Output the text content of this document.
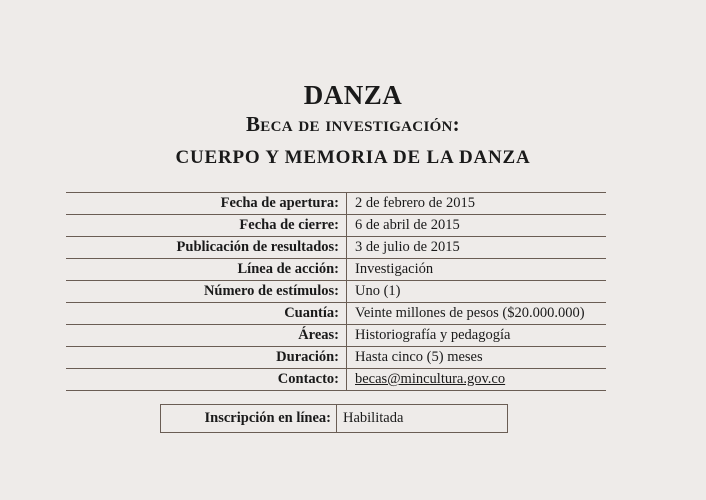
DANZA
Beca de investigación:
CUERPO Y MEMORIA DE LA DANZA
Fecha de apertura:	2 de febrero de 2015
Fecha de cierre:	6 de abril de 2015
Publicación de resultados:	3 de julio de 2015
Línea de acción:	Investigación
Número de estímulos:	Uno (1)
Cuantía:	Veinte millones de pesos ($20.000.000)
Áreas:	Historiografía y pedagogía
Duración:	Hasta cinco (5) meses
Contacto:	becas@mincultura.gov.co
Inscripción en línea:	Habilitada
